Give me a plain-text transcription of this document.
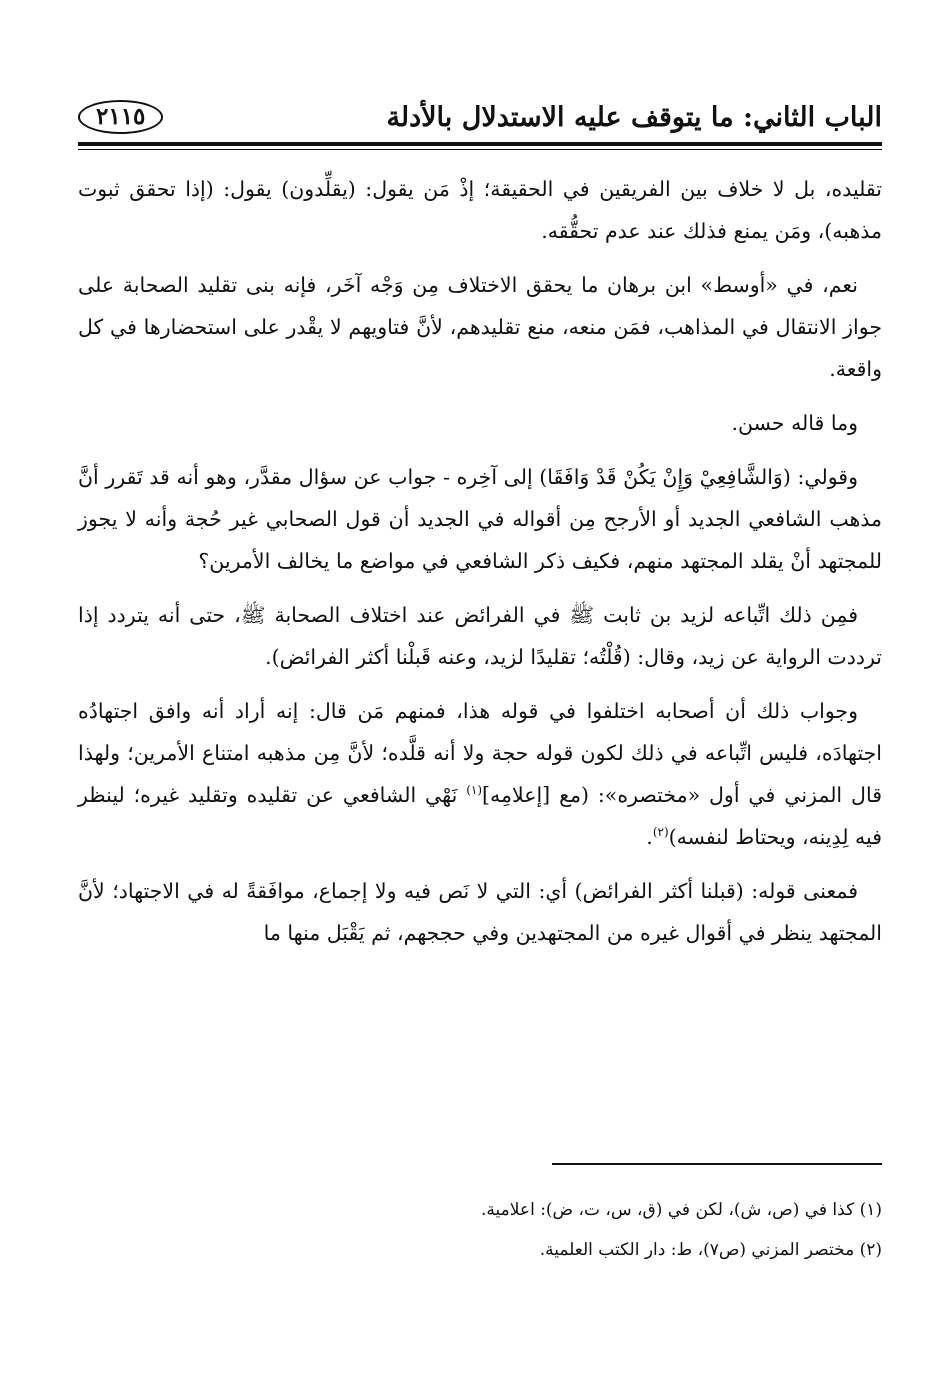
الباب الثاني: ما يتوقف عليه الاستدلال بالأدلة
٢١١٥

تقليده، بل لا خلاف بين الفريقين في الحقيقة؛ إذْ مَن يقول: (يقلِّدون) يقول: (إذا تحقق ثبوت مذهبه)، ومَن يمنع فذلك عند عدم تحقُّقه.

نعم، في «أوسط» ابن برهان ما يحقق الاختلاف مِن وَجْه آخَر، فإنه بنى تقليد الصحابة على جواز الانتقال في المذاهب، فمَن منعه، منع تقليدهم، لأنَّ فتاويهم لا يقْدر على استحضارها في كل واقعة.

وما قاله حسن.

وقولي: (وَالشَّافِعِيْ وَإِنْ يَكُنْ قَدْ وَافَقَا) إلى آخِره - جواب عن سؤال مقدَّر، وهو أنه قد تَقرر أنَّ مذهب الشافعي الجديد أو الأرجح مِن أقواله في الجديد أن قول الصحابي غير حُجة وأنه لا يجوز للمجتهد أنْ يقلد المجتهد منهم، فكيف ذكر الشافعي في مواضع ما يخالف الأمرين؟

فمِن ذلك اتِّباعه لزيد بن ثابت ﷺ في الفرائض عند اختلاف الصحابة ﷺ، حتى أنه يتردد إذا ترددت الرواية عن زيد، وقال: (قُلْتُه؛ تقليدًا لزيد، وعنه قَبلْنا أكثر الفرائض).

وجواب ذلك أن أصحابه اختلفوا في قوله هذا، فمنهم مَن قال: إنه أراد أنه وافق اجتهادُه اجتهادَه، فليس اتِّباعه في ذلك لكون قوله حجة ولا أنه قلَّده؛ لأنَّ مِن مذهبه امتناع الأمرين؛ ولهذا قال المزني في أول «مختصره»: (مع [إعلامِه]$^{(١)}$ نَهْي الشافعي عن تقليده وتقليد غيره؛ لينظر فيه لِدِينه، ويحتاط لنفسه)$^{(٢)}$.

فمعنى قوله: (قبلنا أكثر الفرائض) أي: التي لا نَص فيه ولا إجماع، موافَقةً له في الاجتهاد؛ لأنَّ المجتهد ينظر في أقوال غيره من المجتهدين وفي حججهم، ثم يَقْبَل منها ما

(١) كذا في (ص، ش)، لكن في (ق، س، ت، ض): اعلامية.

(٢) مختصر المزني (ص٧)، ط: دار الكتب العلمية.
